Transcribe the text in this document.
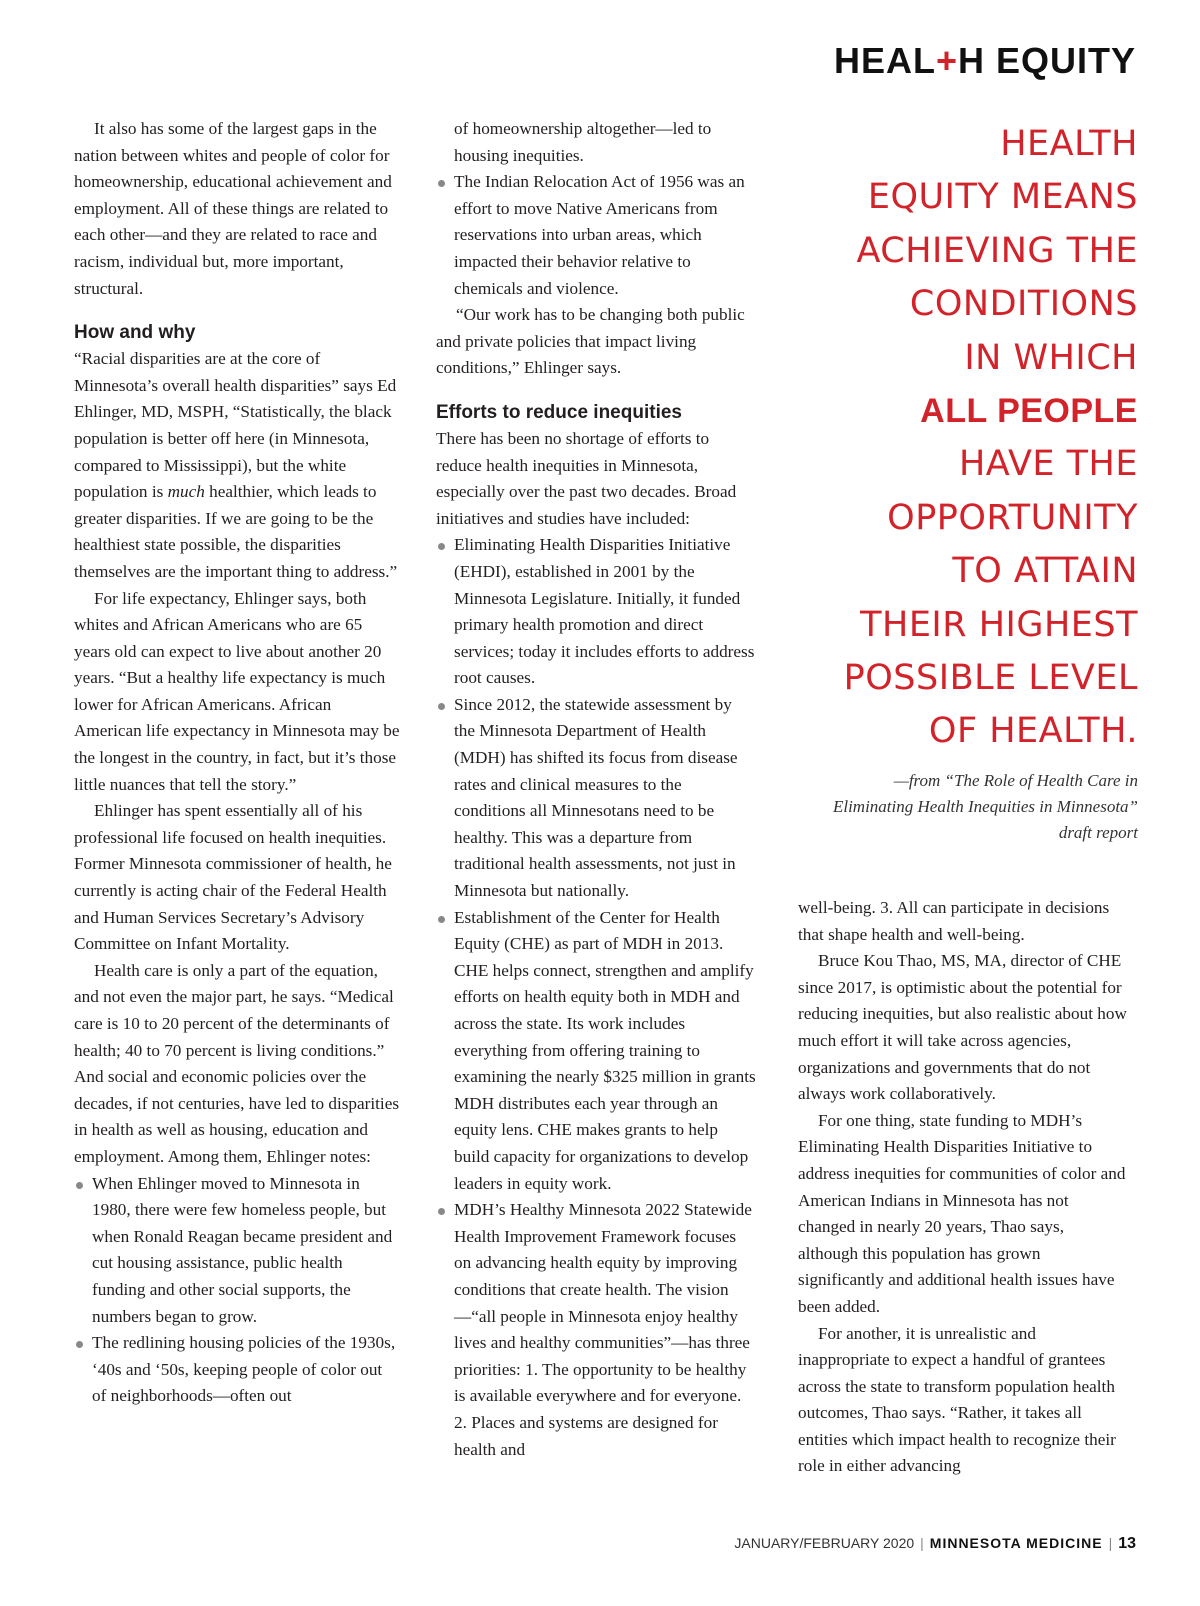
HEAL+H EQUITY

It also has some of the largest gaps in the nation between whites and people of color for homeownership, educational achievement and employment. All of these things are related to each other—and they are related to race and racism, individual but, more important, structural.

How and why

“Racial disparities are at the core of Minnesota’s overall health disparities” says Ed Ehlinger, MD, MSPH, “Statistically, the black population is better off here (in Minnesota, compared to Mississippi), but the white population is much healthier, which leads to greater disparities. If we are going to be the healthiest state possible, the disparities themselves are the important thing to address.”

For life expectancy, Ehlinger says, both whites and African Americans who are 65 years old can expect to live about another 20 years. “But a healthy life expectancy is much lower for African Americans. African American life expectancy in Minnesota may be the longest in the country, in fact, but it’s those little nuances that tell the story.”

Ehlinger has spent essentially all of his professional life focused on health inequities. Former Minnesota commissioner of health, he currently is acting chair of the Federal Health and Human Services Secretary’s Advisory Committee on Infant Mortality.

Health care is only a part of the equation, and not even the major part, he says. “Medical care is 10 to 20 percent of the determinants of health; 40 to 70 percent is living conditions.” And social and economic policies over the decades, if not centuries, have led to disparities in health as well as housing, education and employment. Among them, Ehlinger notes:

When Ehlinger moved to Minnesota in 1980, there were few homeless people, but when Ronald Reagan became president and cut housing assistance, public health funding and other social supports, the numbers began to grow.
The redlining housing policies of the 1930s, ‘40s and ‘50s, keeping people of color out of neighborhoods—often out

of homeownership altogether—led to housing inequities.

The Indian Relocation Act of 1956 was an effort to move Native Americans from reservations into urban areas, which impacted their behavior relative to chemicals and violence.

“Our work has to be changing both public and private policies that impact living conditions,” Ehlinger says.

Efforts to reduce inequities

There has been no shortage of efforts to reduce health inequities in Minnesota, especially over the past two decades. Broad initiatives and studies have included:

Eliminating Health Disparities Initiative (EHDI), established in 2001 by the Minnesota Legislature. Initially, it funded primary health promotion and direct services; today it includes efforts to address root causes.
Since 2012, the statewide assessment by the Minnesota Department of Health (MDH) has shifted its focus from disease rates and clinical measures to the conditions all Minnesotans need to be healthy. This was a departure from traditional health assessments, not just in Minnesota but nationally.
Establishment of the Center for Health Equity (CHE) as part of MDH in 2013. CHE helps connect, strengthen and amplify efforts on health equity both in MDH and across the state. Its work includes everything from offering training to examining the nearly $325 million in grants MDH distributes each year through an equity lens. CHE makes grants to help build capacity for organizations to develop leaders in equity work.
MDH’s Healthy Minnesota 2022 Statewide Health Improvement Framework focuses on advancing health equity by improving conditions that create health. The vision—“all people in Minnesota enjoy healthy lives and healthy communities”—has three priorities: 1. The opportunity to be healthy is available everywhere and for everyone. 2. Places and systems are designed for health and
HEALTH
EQUITY MEANS
ACHIEVING THE
CONDITIONS
IN WHICH
ALL PEOPLE
HAVE THE
OPPORTUNITY
TO ATTAIN
THEIR HIGHEST
POSSIBLE LEVEL
OF HEALTH.
—from “The Role of Health Care in Eliminating Health Inequities in Minnesota” draft report

well-being. 3. All can participate in decisions that shape health and well-being.

Bruce Kou Thao, MS, MA, director of CHE since 2017, is optimistic about the potential for reducing inequities, but also realistic about how much effort it will take across agencies, organizations and governments that do not always work collaboratively.

For one thing, state funding to MDH’s Eliminating Health Disparities Initiative to address inequities for communities of color and American Indians in Minnesota has not changed in nearly 20 years, Thao says, although this population has grown significantly and additional health issues have been added.

For another, it is unrealistic and inappropriate to expect a handful of grantees across the state to transform population health outcomes, Thao says. “Rather, it takes all entities which impact health to recognize their role in either advancing

JANUARY/FEBRUARY 2020 | MINNESOTA MEDICINE | 13
